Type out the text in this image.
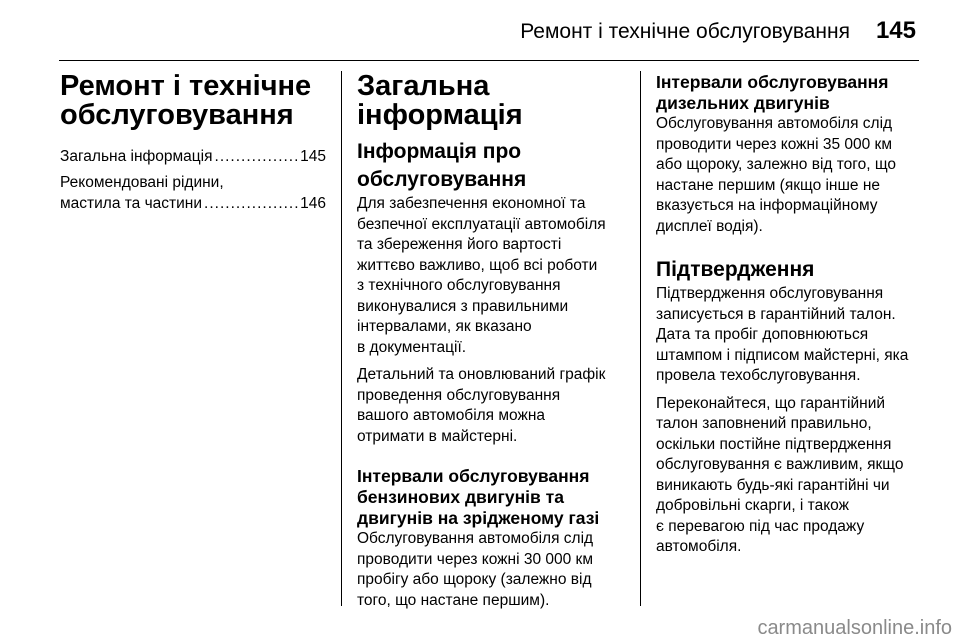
Ремонт і технічне обслуговування 145
Ремонт і технічне
обслуговування
Загальна інформація .....	145
Рекомендовані рідини,
мастила та частини .....	146
Загальна інформація
Інформація про
обслуговування
Для забезпечення економної та
безпечної експлуатації автомобіля
та збереження його вартості
життєво важливо, щоб всі роботи
з технічного обслуговування
виконувалися з правильними
інтервалами, як вказано
в документації.
Детальний та оновлюваний графік
проведення обслуговування
вашого автомобіля можна
отримати в майстерні.
Інтервали обслуговування
бензинових двигунів та
двигунів на зрідженому газі
Обслуговування автомобіля слід
проводити через кожні 30 000 км
пробігу або щороку (залежно від
того, що настане першим).
Інтервали обслуговування
дизельних двигунів
Обслуговування автомобіля слід
проводити через кожні 35 000 км
або щороку, залежно від того, що
настане першим (якщо інше не
вказується на інформаційному
дисплеї водія).
Підтвердження
Підтвердження обслуговування
записується в гарантійний талон.
Дата та пробіг доповнюються
штампом і підписом майстерні, яка
провела техобслуговування.
Переконайтеся, що гарантійний
талон заповнений правильно,
оскільки постійне підтвердження
обслуговування є важливим, якщо
виникають будь-які гарантійні чи
добровільні скарги, і також
є перевагою під час продажу
автомобіля.
carmanualsonline.info
